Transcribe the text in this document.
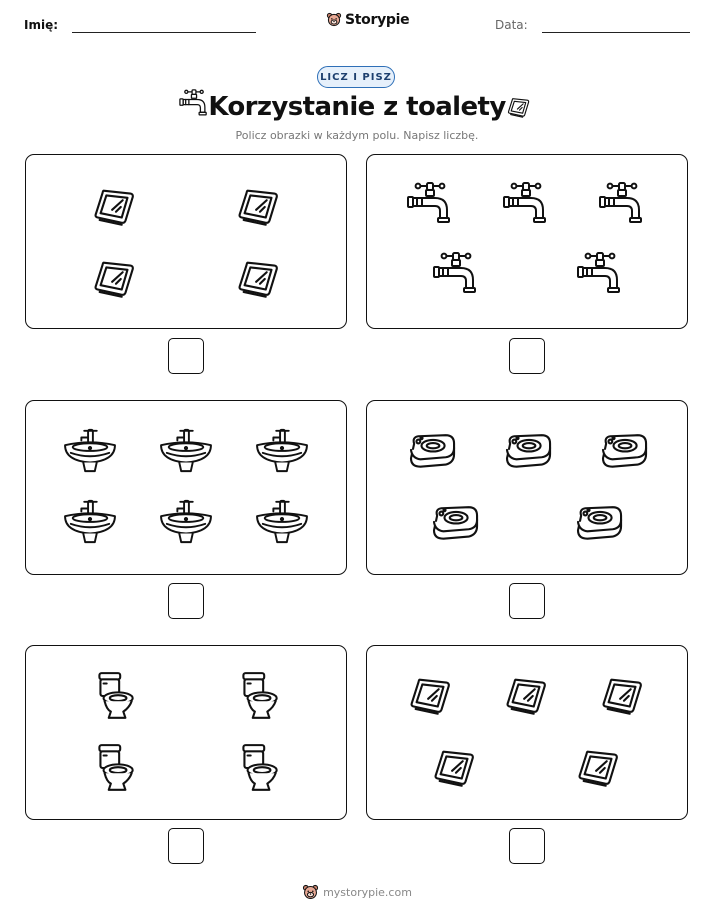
Imię:	Storypie	Data:
LICZ I PISZ
Korzystanie z toalety
Policz obrazki w każdym polu. Napisz liczbę.
mystorypie.com
